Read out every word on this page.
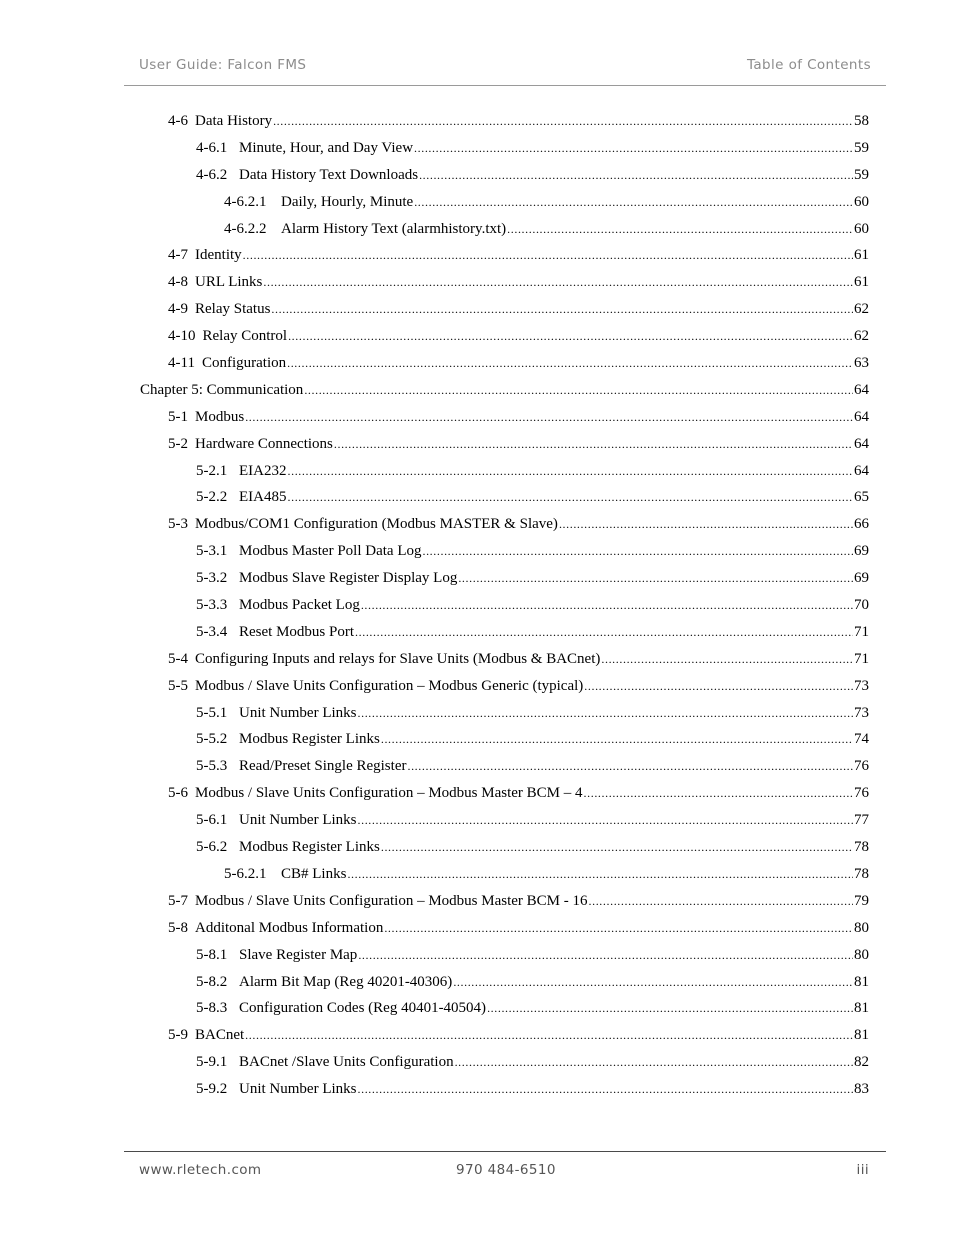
User Guide: Falcon FMS	Table of Contents
4-6 Data History .....	58
4-6.1 Minute, Hour, and Day View .....	59
4-6.2 Data History Text Downloads .....	59
4-6.2.1 Daily, Hourly, Minute .....	60
4-6.2.2 Alarm History Text (alarmhistory.txt) .....	60
4-7 Identity .....	61
4-8 URL Links .....	61
4-9 Relay Status .....	62
4-10 Relay Control .....	62
4-11 Configuration .....	63
Chapter 5: Communication .....	64
5-1 Modbus .....	64
5-2 Hardware Connections .....	64
5-2.1 EIA232 .....	64
5-2.2 EIA485 .....	65
5-3 Modbus/COM1 Configuration (Modbus MASTER & Slave) .....	66
5-3.1 Modbus Master Poll Data Log .....	69
5-3.2 Modbus Slave Register Display Log .....	69
5-3.3 Modbus Packet Log .....	70
5-3.4 Reset Modbus Port .....	71
5-4 Configuring Inputs and relays for Slave Units (Modbus & BACnet) .....	71
5-5 Modbus / Slave Units Configuration – Modbus Generic (typical) .....	73
5-5.1 Unit Number Links .....	73
5-5.2 Modbus Register Links .....	74
5-5.3 Read/Preset Single Register .....	76
5-6 Modbus / Slave Units Configuration – Modbus Master BCM – 4 .....	76
5-6.1 Unit Number Links .....	77
5-6.2 Modbus Register Links .....	78
5-6.2.1 CB# Links .....	78
5-7 Modbus / Slave Units Configuration – Modbus Master BCM - 16 .....	79
5-8 Additonal Modbus Information .....	80
5-8.1 Slave Register Map .....	80
5-8.2 Alarm Bit Map (Reg 40201-40306) .....	81
5-8.3 Configuration Codes (Reg 40401-40504) .....	81
5-9 BACnet .....	81
5-9.1 BACnet /Slave Units Configuration .....	82
5-9.2 Unit Number Links .....	83
www.rletech.com	970 484-6510	iii
